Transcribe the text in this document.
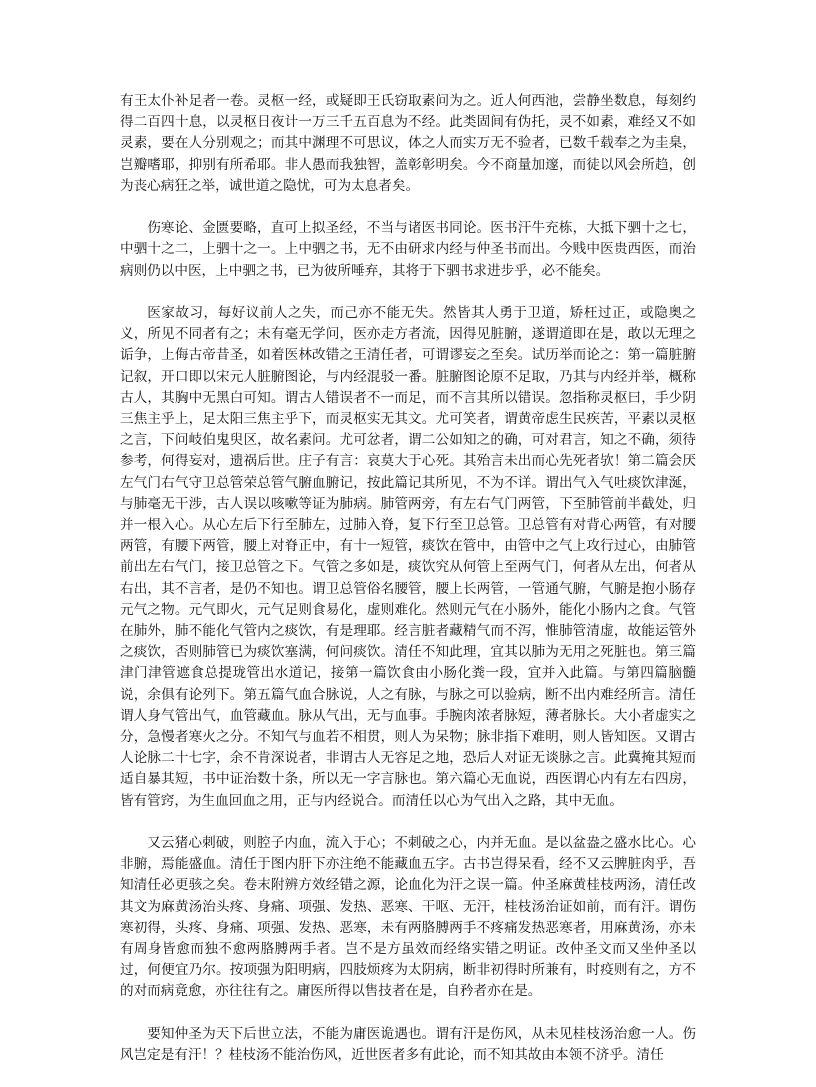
有王太仆补足者一卷。灵枢一经，或疑即王氏窃取素问为之。近人何西池，尝静坐数息，每刻约得二百四十息，以灵枢日夜计一万三千五百息为不经。此类固间有伪托，灵不如素，难经又不如灵素，要在人分别观之；而其中渊理不可思议，体之人而实万无不验者，已数千载奉之为圭臬，岂瓣嗜耶，抑别有所希耶。非人愚而我独智，盖彰彰明矣。今不商量加邃，而徒以风会所趋，创为丧心病狂之举，诚世道之隐忧，可为太息者矣。

伤寒论、金匮要略，直可上拟圣经，不当与诸医书同论。医书汗牛充栋，大抵下驷十之七，中驷十之二，上驷十之一。上中驷之书，无不由研求内经与仲圣书而出。今贱中医贵西医，而治病则仍以中医，上中驷之书，已为彼所唾弃，其将于下驷书求进步乎，必不能矣。

医家故习，每好议前人之失，而己亦不能无失。然皆其人勇于卫道，矫枉过正，或隐奥之义，所见不同者有之；未有毫无学问，医亦走方者流，因得见脏腑，遂谓道即在是，敢以无理之诟争，上侮古帝昔圣，如着医林改错之王清任者，可谓谬妄之至矣。试历举而论之：第一篇脏腑记叙，开口即以宋元人脏腑图论，与内经混驳一番。脏腑图论原不足取，乃其与内经并举，概称古人，其胸中无黑白可知。谓古人错误者不一而足，而不言其所以错误。忽指称灵枢曰，手少阴三焦主乎上，足太阳三焦主乎下，而灵枢实无其文。尤可笑者，谓黄帝虑生民疾苦，平素以灵枢之言，下问岐伯鬼臾区，故名素问。尤可忿者，谓二公如知之的确，可对君言，知之不确，须待参考，何得妄对，遗祸后世。庄子有言：哀莫大于心死。其殆言未出而心先死者欤！第二篇会厌左气门右气守卫总管荣总管气腑血腑记，按此篇记其所见，不为不详。谓出气入气吐痰饮津涎，与肺毫无干涉，古人误以咳嗽等证为肺病。肺管两旁，有左右气门两管，下至肺管前半截处，归并一根入心。从心左后下行至肺左，过肺入脊，复下行至卫总管。卫总管有对背心两管，有对腰两管，有腰下两管，腰上对脊正中，有十一短管，痰饮在管中，由管中之气上攻行过心，由肺管前出左右气门，接卫总管之下。气管之多如是，痰饮究从何管上至两气门，何者从左出，何者从右出，其不言者，是仍不知也。谓卫总管俗名腰管，腰上长两管，一管通气腑，气腑是抱小肠存元气之物。元气即火，元气足则食易化，虚则难化。然则元气在小肠外，能化小肠内之食。气管在肺外，肺不能化气管内之痰饮，有是理耶。经言脏者藏精气而不泻，惟肺管清虚，故能运管外之痰饮，否则肺管已为痰饮塞满，何问痰饮。清任不知此理，宜其以肺为无用之死脏也。第三篇津门津管遮食总提珑管出水道记，接第一篇饮食由小肠化粪一段，宜并入此篇。与第四篇脑髓说，余俱有论列下。第五篇气血合脉说，人之有脉，与脉之可以验病，断不出内难经所言。清任谓人身气管出气，血管藏血。脉从气出，无与血事。手腕肉浓者脉短，薄者脉长。大小者虚实之分，急慢者寒火之分。不知气与血若不相贯，则人为呆物；脉非指下难明，则人皆知医。又谓古人论脉二十七字，余不肯深说者，非谓古人无容足之地，恐后人对证无谈脉之言。此冀掩其短而适自暴其短，书中证治数十条，所以无一字言脉也。第六篇心无血说，西医谓心内有左右四房，皆有管窍，为生血回血之用，正与内经说合。而清任以心为气出入之路，其中无血。

又云猪心刺破，则腔子内血，流入于心；不刺破之心，内并无血。是以盆盎之盛水比心。心非腑，焉能盛血。清任于图内肝下亦注绝不能藏血五字。古书岂得呆看，经不又云脾脏肉乎，吾知清任必更骇之矣。卷末附辨方效经错之源，论血化为汗之误一篇。仲圣麻黄桂枝两汤，清任改其文为麻黄汤治头疼、身痛、项强、发热、恶寒、干呕、无汗，桂枝汤治证如前，而有汗。谓伤寒初得，头疼、身痛、项强、发热、恶寒，未有两胳膊两手不疼痛发热恶寒者，用麻黄汤，亦未有周身皆愈而独不愈两胳膊两手者。岂不是方虽效而经络实错之明证。改仲圣文而又坐仲圣以过，何便宜乃尔。按项强为阳明病，四肢烦疼为太阴病，断非初得时所兼有，时疫则有之，方不的对而病竟愈，亦往往有之。庸医所得以售技者在是，自矜者亦在是。

要知仲圣为天下后世立法，不能为庸医诡遇也。谓有汗是伤风，从未见桂枝汤治愈一人。伤风岂定是有汗！？桂枝汤不能治伤风，近世医者多有此论，而不知其故由本领不济乎。清任
